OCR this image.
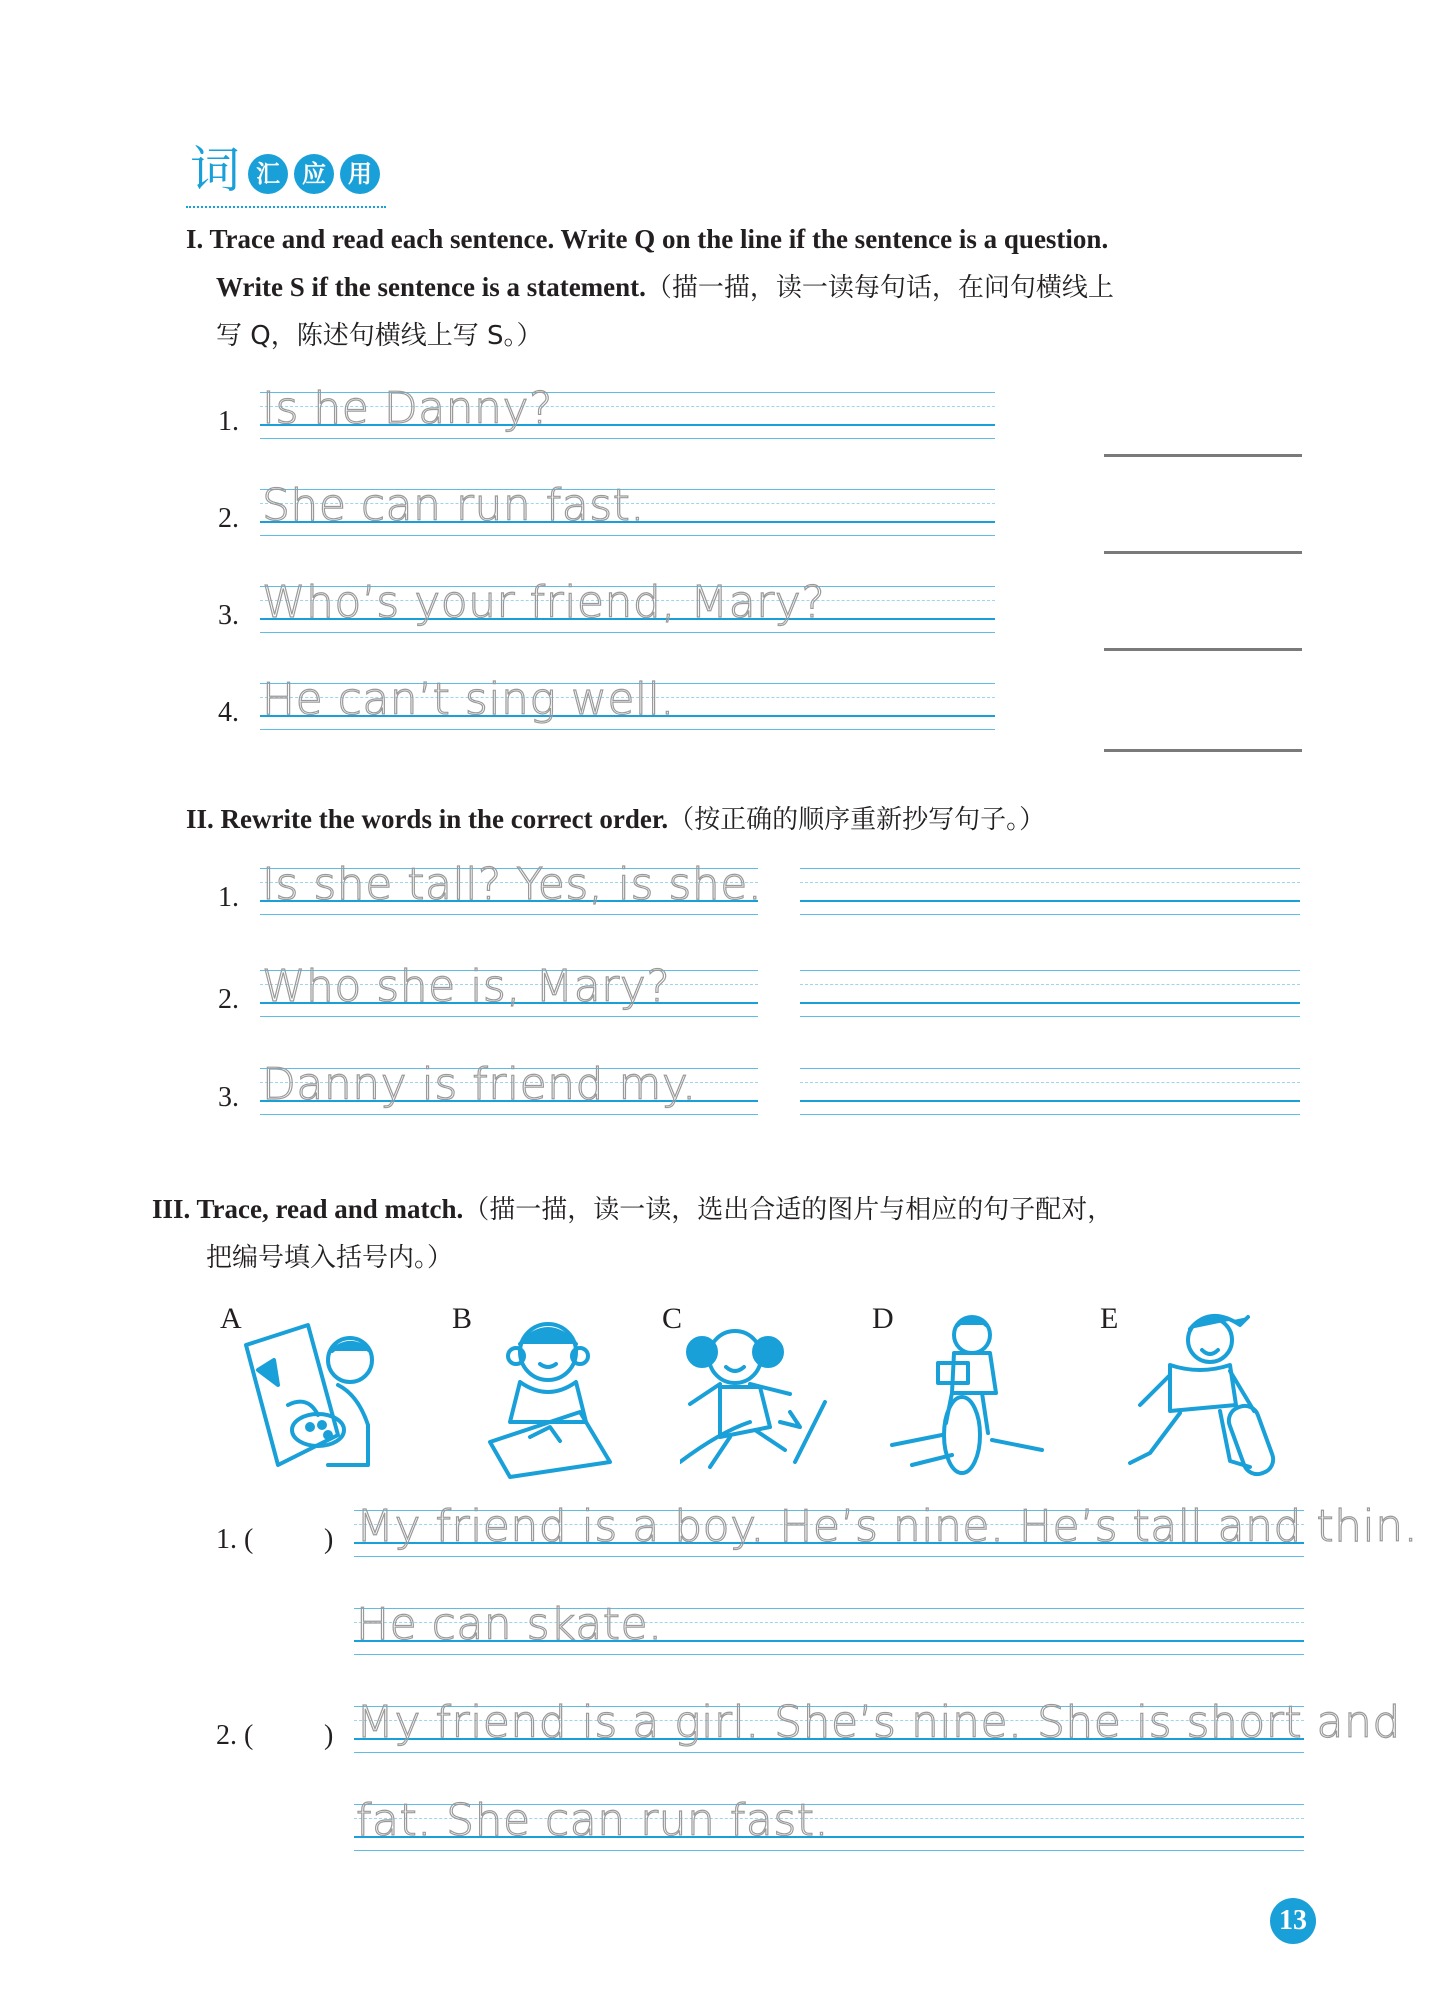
词 汇 应 用
I. Trace and read each sentence. Write Q on the line if the sentence is a question.
Write S if the sentence is a statement.（描一描，读一读每句话，在问句横线上
写 Q，陈述句横线上写 S。）
1. Is he Danny?
2. She can run fast.
3. Who’s your friend, Mary?
4. He can’t sing well.
II. Rewrite the words in the correct order.（按正确的顺序重新抄写句子。）
1. Is she tall? Yes, is she.
2. Who she is, Mary?
3. Danny is friend my.
III. Trace, read and match.（描一描，读一读，选出合适的图片与相应的句子配对，
把编号填入括号内。）
A	B	C	D	E
1. (	) My friend is a boy. He’s nine. He’s tall and thin.
He can skate.
2. (	) My friend is a girl. She’s nine. She is short and
fat. She can run fast.
13
